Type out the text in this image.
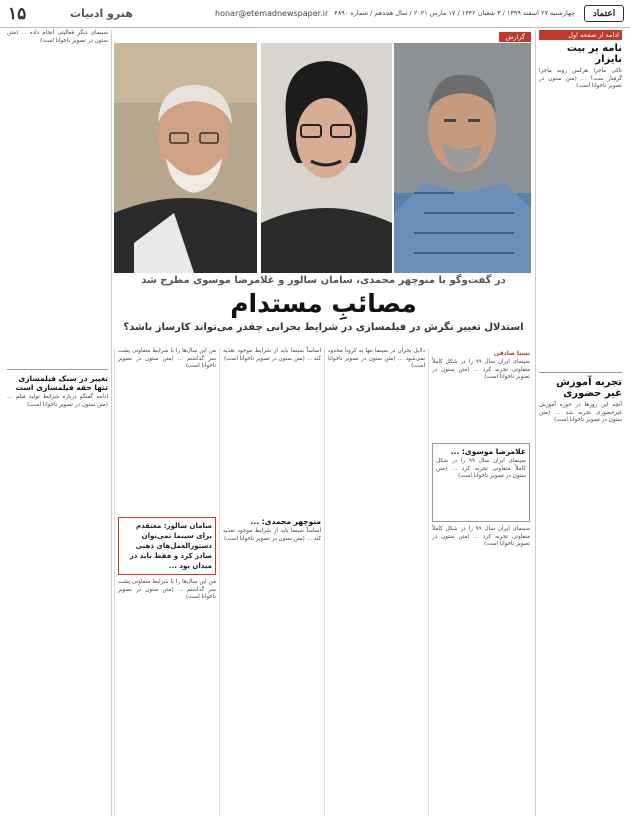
۱۵	هنرو ادبیات	honar@etemadnewspaper.ir چهارشنبه ۲۷ اسفند ۱۳۹۹ / ۳ شعبان ۱۴۴۲ / ۱۷ مارس ۲۰۲۱ / سال هجدهم / شماره ۴۸۹۰	اعتماد
ادامه از صفحه اول
نامه پر بیت نایزار
تاکی ماجرا هرکس روبه ماجرا گرفتار ست؟ ... (متن ستون در تصویر ناخوانا است)
تجربه آموزش غیر حضوری
آنچه این روزها در حوزه آموزش غیرحضوری تجربه شد ... (متن ستون در تصویر ناخوانا است)
گزارش
در گفت‌وگو با منوچهر محمدی، سامان سالور و غلامرضا موسوی مطرح شد
مصائبِ مستدام
استدلال تغییر نگرش در فیلمسازی در شرایط بحرانی چقدر می‌تواند کارساز باشد؟
نسیا صادقی
سینمای ایران سال ۹۹ را در شکل کاملاً متفاوتی تجربه کرد ... (متن ستون در تصویر ناخوانا است)
غلامرضا موسوی: ...
سینمای ایران سال ۹۹ را در شکل کاملاً متفاوتی تجربه کرد ... (متن ستون در تصویر ناخوانا است)
سینمای ایران سال ۹۹ را در شکل کاملاً متفاوتی تجربه کرد ... (متن ستون در تصویر ناخوانا است)
دلایل بحران در سینما تنها به کرونا محدود نمی‌شود ... (متن ستون در تصویر ناخوانا است)
اساساً سینما باید از شرایط موجود تغذیه کند ... (متن ستون در تصویر ناخوانا است)
منوچهر محمدی: ...
اساساً سینما باید از شرایط موجود تغذیه کند ... (متن ستون در تصویر ناخوانا است)
من این سال‌ها را با شرایط متفاوتی پشت سر گذاشتم ... (متن ستون در تصویر ناخوانا است)
سامان سالور: معتقدم برای سینما نمی‌توان دستورالعمل‌های ذهنی صادر کرد و فقط باید در میدان بود ...
من این سال‌ها را با شرایط متفاوتی پشت سر گذاشتم ... (متن ستون در تصویر ناخوانا است)
سینمای دیگر فعالیتی انجام داده ... (متن ستون در تصویر ناخوانا است)
تغییر در سبک فیلمسازی تنها حقه فیلمسازی است
ادامه گفتگو درباره شرایط تولید فیلم ... (متن ستون در تصویر ناخوانا است)
